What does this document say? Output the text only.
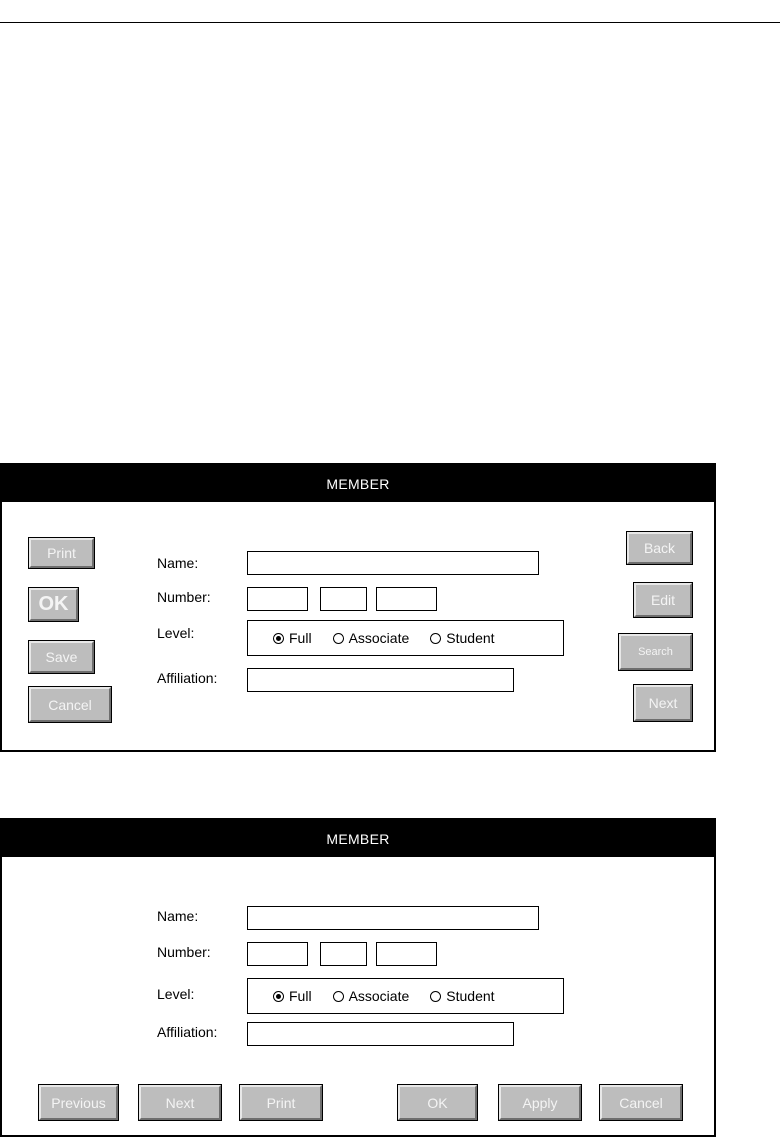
MEMBER
Print
OK
Save
Cancel
Back
Edit
Search
Next
Name:
Number:
Level:	Full	Associate	Student
Affiliation:
MEMBER
Name:
Number:
Level:	Full	Associate	Student
Affiliation:
Previous	Next	Print	OK	Apply	Cancel
